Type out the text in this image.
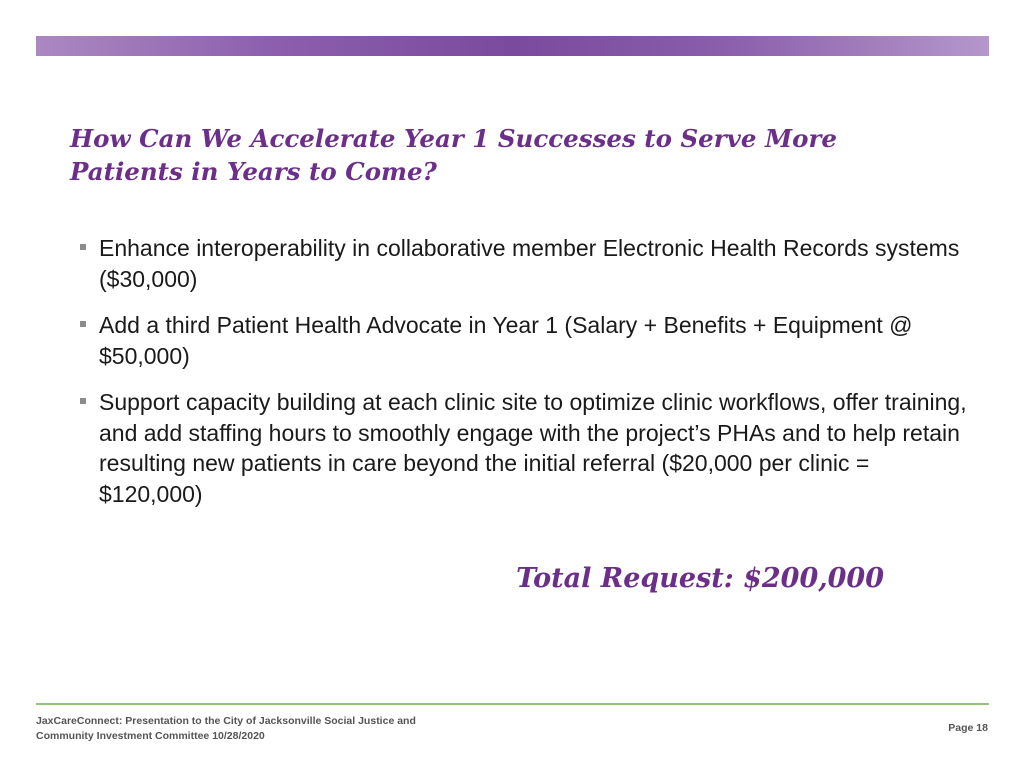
How Can We Accelerate Year 1 Successes to Serve More Patients in Years to Come?
Enhance interoperability in collaborative member Electronic Health Records systems ($30,000)
Add a third Patient Health Advocate in Year 1 (Salary + Benefits + Equipment @ $50,000)
Support capacity building at each clinic site to optimize clinic workflows, offer training, and add staffing hours to smoothly engage with the project’s PHAs and to help retain resulting new patients in care beyond the initial referral ($20,000 per clinic = $120,000)

Total Request: $200,000

JaxCareConnect: Presentation to the City of Jacksonville Social Justice and
Community Investment Committee 10/28/2020
Page 18
